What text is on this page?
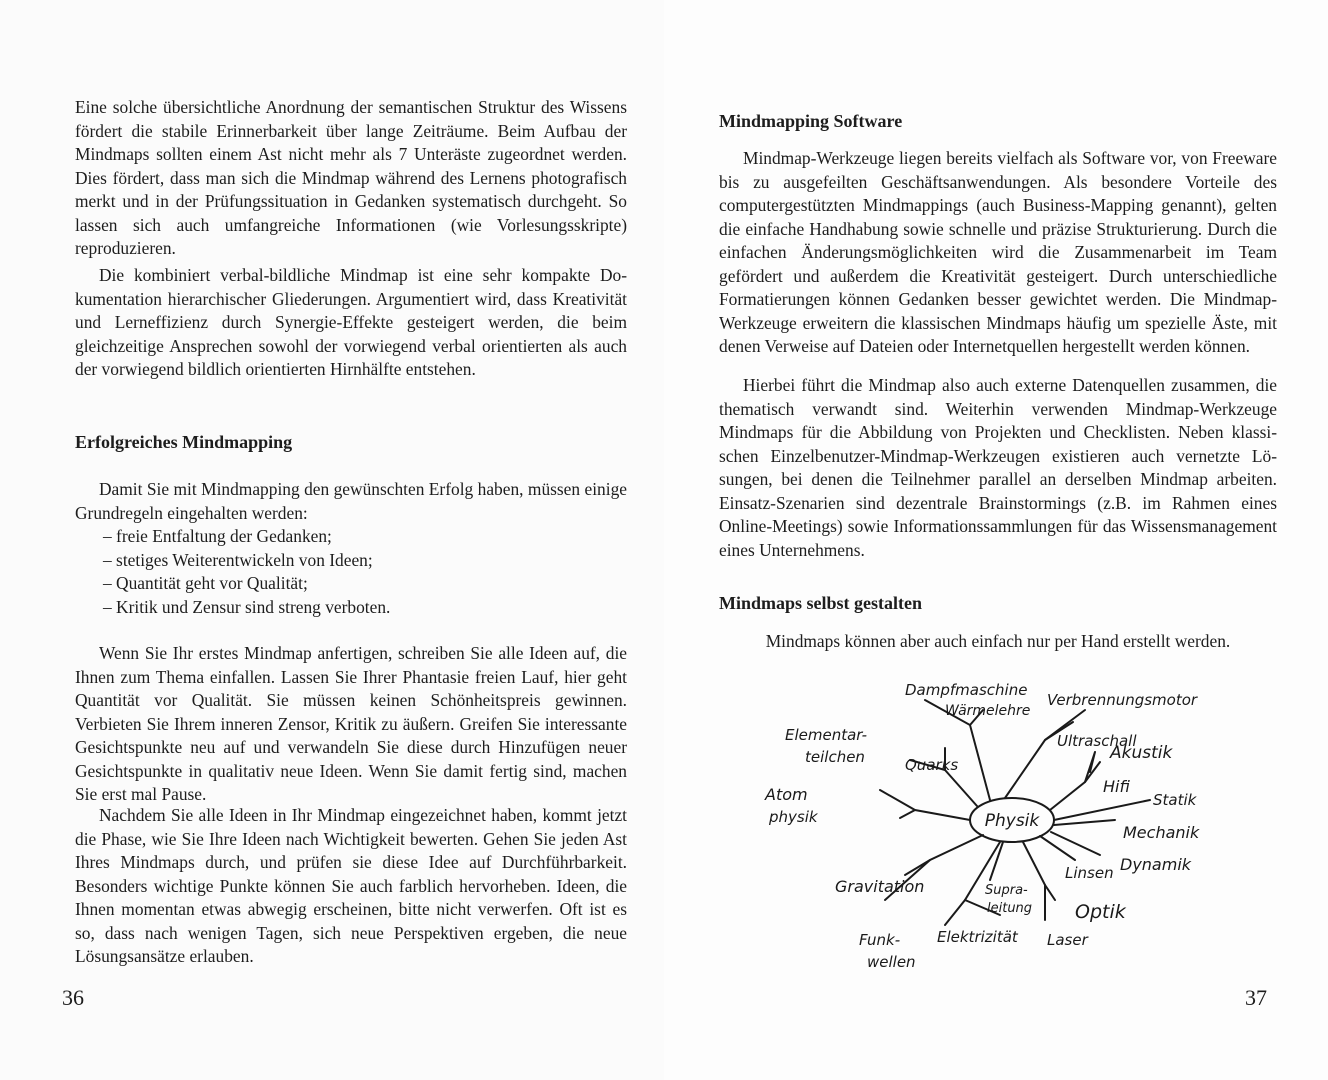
Eine solche übersichtliche Anordnung der semantischen Struktur des Wissens fördert die stabile Erinnerbarkeit über lange Zeiträume. Beim Aufbau der Mindmaps sollten einem Ast nicht mehr als 7 Unteräste zugeordnet werden. Dies fördert, dass man sich die Mindmap während des Lernens photografisch merkt und in der Prüfungssituation in Gedanken systematisch durchgeht. So lassen sich auch umfangreiche Informationen (wie Vorlesungsskripte) reproduzieren.

Die kombiniert verbal-bildliche Mindmap ist eine sehr kompakte Dokumentation hierarchischer Gliederungen. Argumentiert wird, dass Kreativität und Lerneffizienz durch Synergie-Effekte gesteigert werden, die beim gleichzeitige Ansprechen sowohl der vorwiegend verbal orientierten als auch der vorwiegend bildlich orientierten Hirnhälfte entstehen.

Erfolgreiches Mindmapping

Damit Sie mit Mindmapping den gewünschten Erfolg haben, müssen einige Grundregeln eingehalten werden:

– freie Entfaltung der Gedanken;
– stetiges Weiterentwickeln von Ideen;
– Quantität geht vor Qualität;
– Kritik und Zensur sind streng verboten.

Wenn Sie Ihr erstes Mindmap anfertigen, schreiben Sie alle Ideen auf, die Ihnen zum Thema einfallen. Lassen Sie Ihrer Phantasie freien Lauf, hier geht Quantität vor Qualität. Sie müssen keinen Schönheitspreis gewinnen. Verbieten Sie Ihrem inneren Zensor, Kritik zu äußern. Greifen Sie interessante Gesichtspunkte neu auf und verwandeln Sie diese durch Hinzufügen neuer Gesichtspunkte in qualitativ neue Ideen. Wenn Sie damit fertig sind, machen Sie erst mal Pause.

Nachdem Sie alle Ideen in Ihr Mindmap eingezeichnet haben, kommt jetzt die Phase, wie Sie Ihre Ideen nach Wichtigkeit bewerten. Gehen Sie jeden Ast Ihres Mindmaps durch, und prüfen sie diese Idee auf Durchführbarkeit. Besonders wichtige Punkte können Sie auch farblich hervorheben. Ideen, die Ihnen momentan etwas abwegig erscheinen, bitte nicht verwerfen. Oft ist es so, dass nach wenigen Tagen, sich neue Perspektiven ergeben, die neue Lösungsansätze erlauben.

36
Mindmapping Software

Mindmap-Werkzeuge liegen bereits vielfach als Software vor, von Freeware bis zu ausgefeilten Geschäftsanwendungen. Als besondere Vorteile des computergestützten Mindmappings (auch Business-Mapping genannt), gelten die einfache Handhabung sowie schnelle und präzise Strukturierung. Durch die einfachen Änderungsmöglichkeiten wird die Zusammenarbeit im Team gefördert und außerdem die Kreativität gesteigert. Durch unterschiedliche Formatierungen können Gedanken besser gewichtet werden. Die Mindmap-Werkzeuge erweitern die klassischen Mindmaps häufig um spezielle Äste, mit denen Verweise auf Dateien oder Internetquellen hergestellt werden können.

Hierbei führt die Mindmap also auch externe Datenquellen zusammen, die thematisch verwandt sind. Weiterhin verwenden Mindmap-Werkzeuge Mindmaps für die Abbildung von Projekten und Checklisten. Neben klassischen Einzelbenutzer-Mindmap-Werkzeugen existieren auch vernetzte Lösungen, bei denen die Teilnehmer parallel an derselben Mindmap arbeiten. Einsatz-Szenarien sind dezentrale Brainstormings (z.B. im Rahmen eines Online-Meetings) sowie Informationssammlungen für das Wissensmanagement eines Unternehmens.

Mindmaps selbst gestalten

Mindmaps können aber auch einfach nur per Hand erstellt werden.

Physik
Dampfmaschine
Wärmelehre
Verbrennungsmotor
Elementar-
teilchen	Quarks
Ultraschall
Akustik
Hifi
Atom
physik
Statik
Mechanik
Dynamik
Gravitation	Supra-
leitung
Linsen
Optik
Funk-
wellen
Elektrizität Laser
37
